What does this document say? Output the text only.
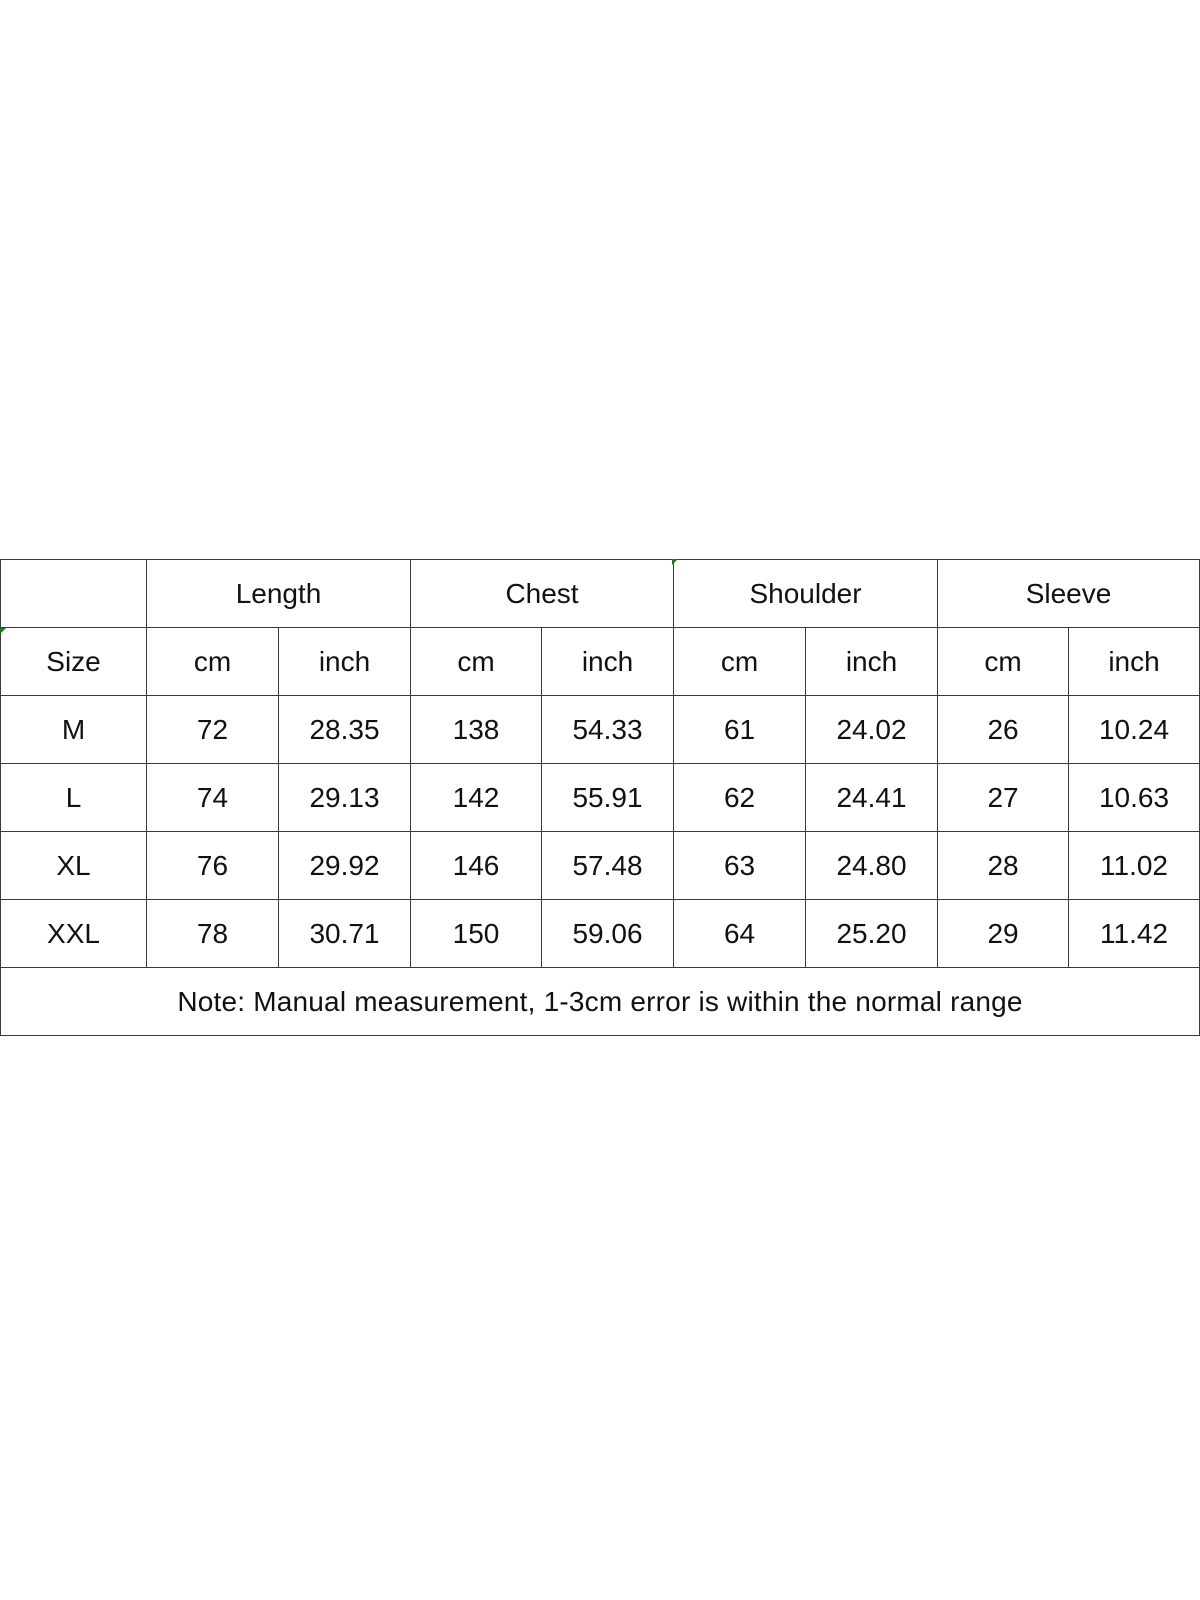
	Length		Chest		Shoulder		Sleeve	
Size	cm	inch	cm	inch	cm	inch	cm	inch
M	72	28.35	138	54.33	61	24.02	26	10.24
L	74	29.13	142	55.91	62	24.41	27	10.63
XL	76	29.92	146	57.48	63	24.80	28	11.02
XXL	78	30.71	150	59.06	64	25.20	29	11.42
Note: Manual measurement, 1-3cm error is within the normal range								
